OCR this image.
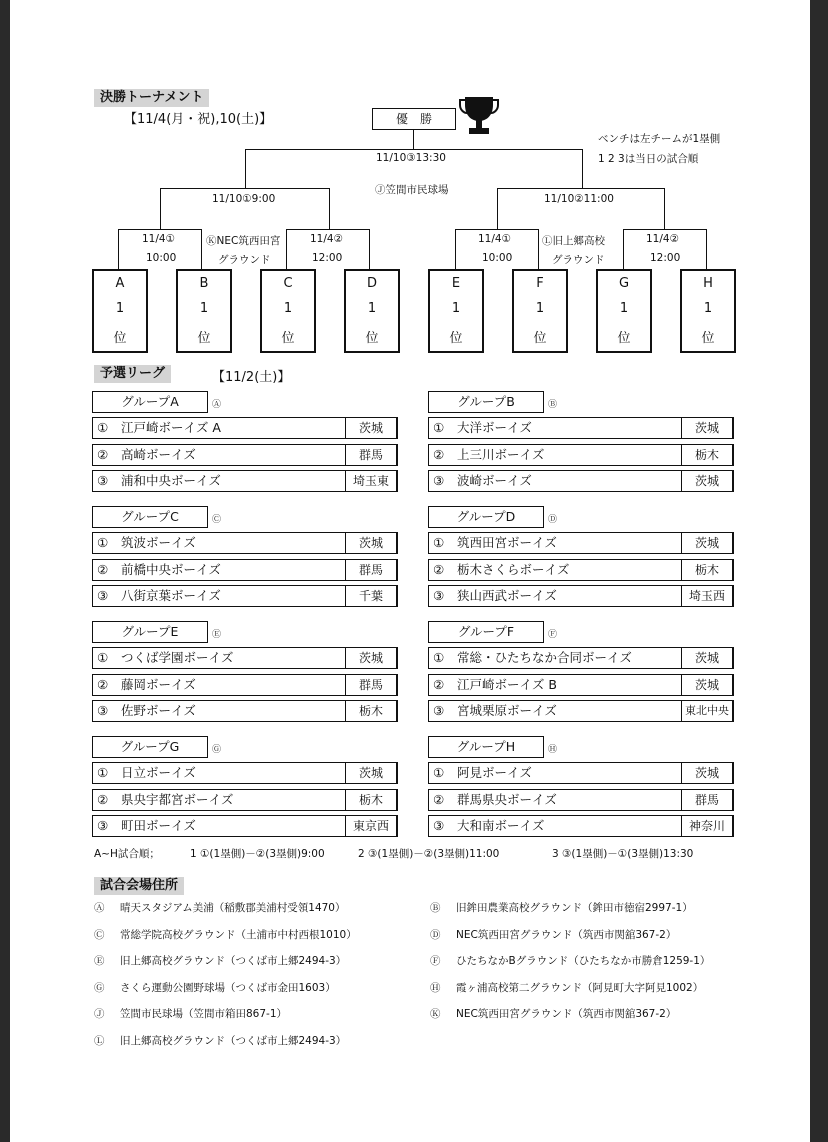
決勝トーナメント
【11/4(月・祝),10(土)】	優　勝
ベンチは左チームが1塁側
1 2 3は当日の試合順
11/10③13:30
Ⓙ笠間市民球場
11/10①9:00	11/10②11:00
11/4①
10:00
11/4②
12:00
ⓀNEC筑西田宮
グラウンド
11/4①
10:00
11/4②
12:00
Ⓛ旧上郷高校
グラウンド
A
1
位
B
1
位
C
1
位
D
1
位
E
1
位
F
1
位
G
1
位
H
1
位
予選リーグ	【11/2(土)】
グループA	Ⓐ
① 江戸崎ボーイズ A	茨城
② 高崎ボーイズ	群馬
③ 浦和中央ボーイズ	埼玉東
グループB	Ⓑ
① 大洋ボーイズ	茨城
② 上三川ボーイズ	栃木
③ 波崎ボーイズ	茨城
グループC	Ⓒ
① 筑波ボーイズ	茨城
② 前橋中央ボーイズ	群馬
③ 八街京葉ボーイズ	千葉
グループD	Ⓓ
① 筑西田宮ボーイズ	茨城
② 栃木さくらボーイズ	栃木
③ 狭山西武ボーイズ	埼玉西
グループE	Ⓔ
① つくば学園ボーイズ	茨城
② 藤岡ボーイズ	群馬
③ 佐野ボーイズ	栃木
グループF	Ⓕ
① 常総・ひたちなか合同ボーイズ	茨城
② 江戸崎ボーイズ B	茨城
③ 宮城栗原ボーイズ	東北中央
グループG	Ⓖ
① 日立ボーイズ	茨城
② 県央宇都宮ボーイズ	栃木
③ 町田ボーイズ	東京西
グループH	Ⓗ
① 阿見ボーイズ	茨城
② 群馬県央ボーイズ	群馬
③ 大和南ボーイズ	神奈川
A~H試合順；	1 ①(1塁側)－②(3塁側)9:00	2 ③(1塁側)－②(3塁側)11:00	3 ③(1塁側)－①(3塁側)13:30
試合会場住所
Ⓐ 晴天スタジアム美浦（稲敷郡美浦村受領1470）	Ⓑ 旧鉾田農業高校グラウンド（鉾田市徳宿2997-1）
Ⓒ 常総学院高校グラウンド（土浦市中村西根1010）	Ⓓ NEC筑西田宮グラウンド（筑西市関舘367-2）
Ⓔ 旧上郷高校グラウンド（つくば市上郷2494-3）	Ⓕ ひたちなかBグラウンド（ひたちなか市勝倉1259-1）
Ⓖ さくら運動公園野球場（つくば市金田1603）	Ⓗ 霞ヶ浦高校第二グラウンド（阿見町大字阿見1002）
Ⓙ 笠間市民球場（笠間市箱田867-1）	Ⓚ NEC筑西田宮グラウンド（筑西市関舘367-2）
Ⓛ 旧上郷高校グラウンド（つくば市上郷2494-3）
